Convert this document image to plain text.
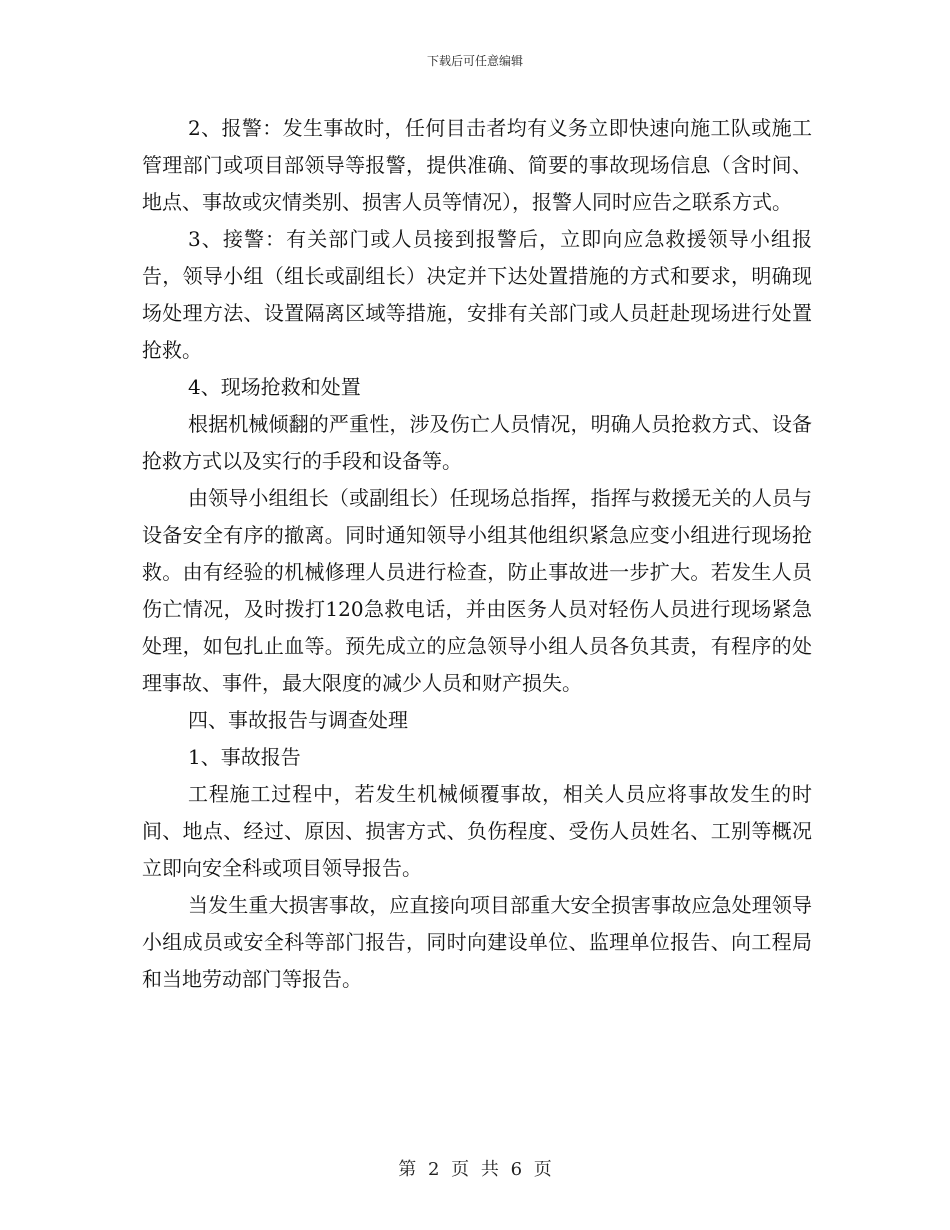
下载后可任意编辑

2、报警：发生事故时，任何目击者均有义务立即快速向施工队或施工管理部门或项目部领导等报警，提供准确、简要的事故现场信息（含时间、地点、事故或灾情类别、损害人员等情况），报警人同时应告之联系方式。

3、接警：有关部门或人员接到报警后，立即向应急救援领导小组报告，领导小组（组长或副组长）决定并下达处置措施的方式和要求，明确现场处理方法、设置隔离区域等措施，安排有关部门或人员赶赴现场进行处置抢救。

4、现场抢救和处置

根据机械倾翻的严重性，涉及伤亡人员情况，明确人员抢救方式、设备抢救方式以及实行的手段和设备等。

由领导小组组长（或副组长）任现场总指挥，指挥与救援无关的人员与设备安全有序的撤离。同时通知领导小组其他组织紧急应变小组进行现场抢救。由有经验的机械修理人员进行检查，防止事故进一步扩大。若发生人员伤亡情况，及时拨打120急救电话，并由医务人员对轻伤人员进行现场紧急处理，如包扎止血等。预先成立的应急领导小组人员各负其责，有程序的处理事故、事件，最大限度的减少人员和财产损失。

四、事故报告与调查处理

1、事故报告

工程施工过程中，若发生机械倾覆事故，相关人员应将事故发生的时间、地点、经过、原因、损害方式、负伤程度、受伤人员姓名、工别等概况立即向安全科或项目领导报告。

当发生重大损害事故，应直接向项目部重大安全损害事故应急处理领导小组成员或安全科等部门报告，同时向建设单位、监理单位报告、向工程局和当地劳动部门等报告。

第 2 页 共 6 页
